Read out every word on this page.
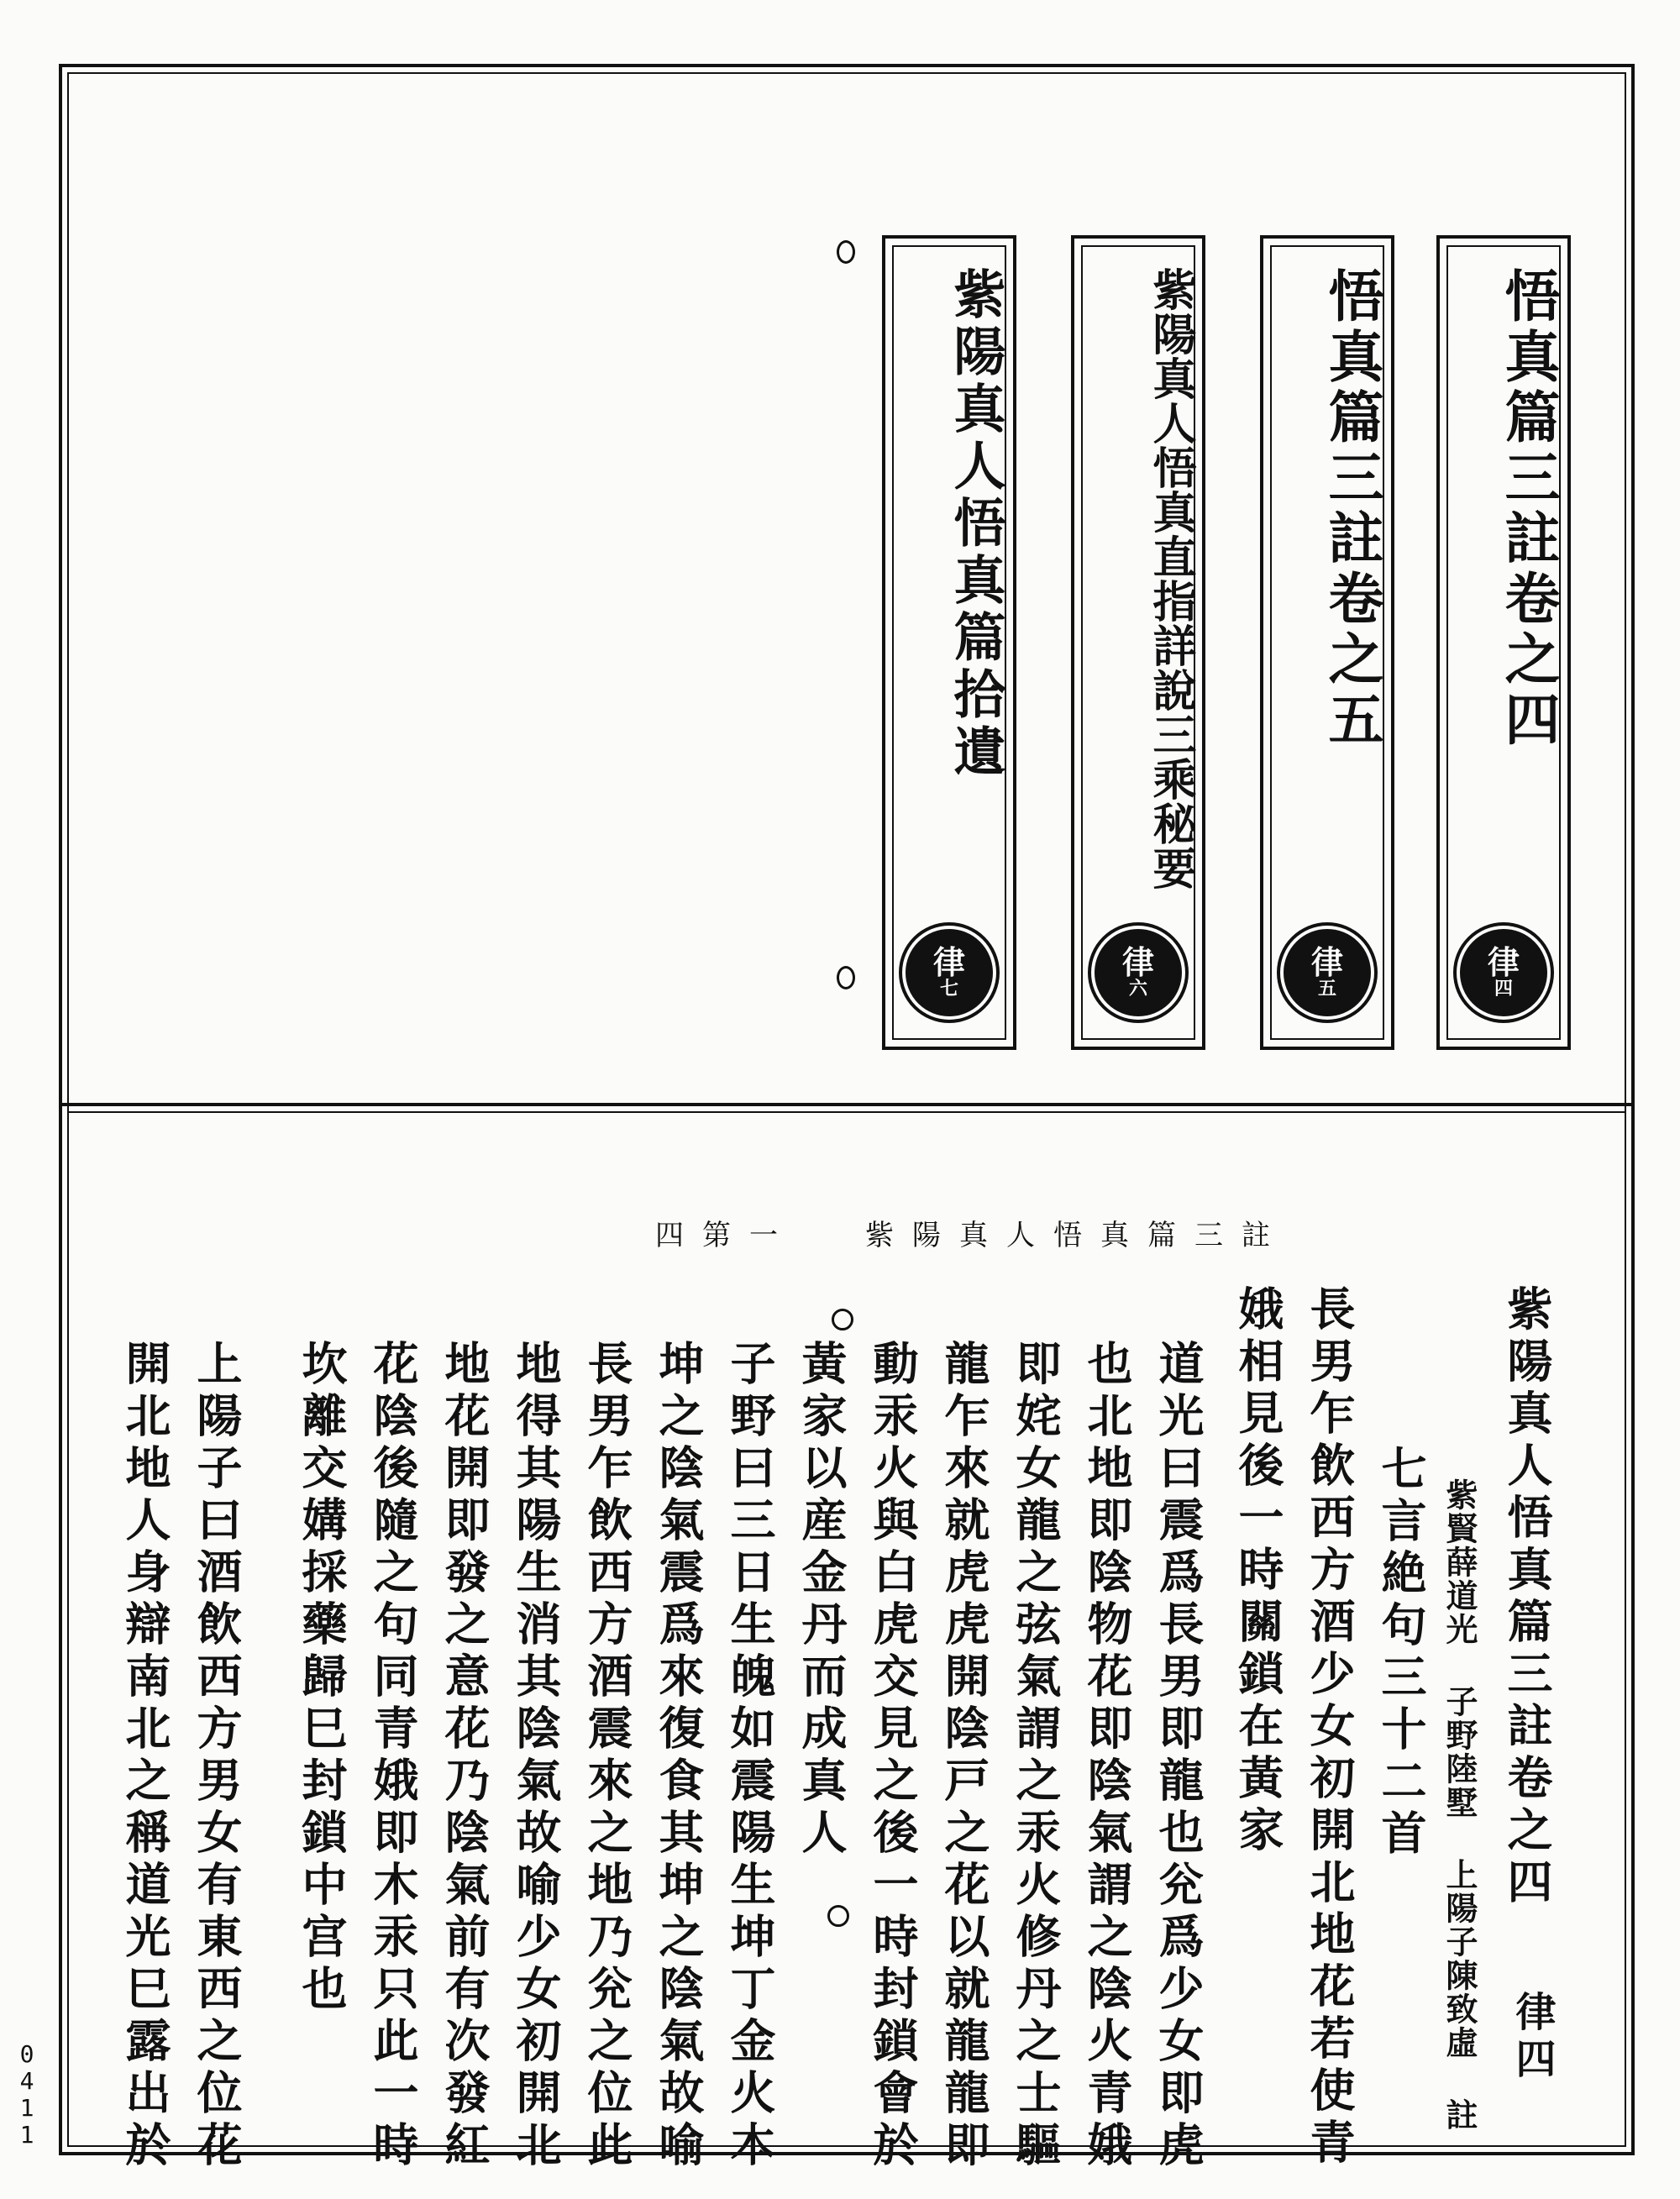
悟真篇三註卷之四
律
四
悟真篇三註卷之五
律
五
紫陽真人悟真直指詳說三乘秘要
律
六
紫陽真人悟真篇拾遺
律
七
紫陽真人悟真篇三註
四第一
紫陽真人悟真篇三註卷之四
律四
紫賢薛道光 子野陸墅 上陽子陳致虛 註
七言絶句三十二首
長男乍飲西方酒少女初開北地花若使青
娥相見後一時關鎖在黃家
道光曰震爲長男即龍也兊爲少女即虎
也北地即陰物花即陰氣謂之陰火青娥
即姹女龍之弦氣謂之汞火修丹之士驅
龍乍來就虎虎開陰戸之花以就龍龍即
動汞火與白虎交見之後一時封鎖會於
黃家以産金丹而成真人
子野曰三日生魄如震陽生坤丁金火本
坤之陰氣震爲來復食其坤之陰氣故喻
長男乍飲西方酒震來之地乃兊之位此
地得其陽生消其陰氣故喻少女初開北
地花開即發之意花乃陰氣前有次發紅
花陰後隨之句同青娥即木汞只此一時
坎離交媾採藥歸巳封鎖中宫也
上陽子曰酒飲西方男女有東西之位花
開北地人身辯南北之稱道光巳露出於
0
4
1
1
